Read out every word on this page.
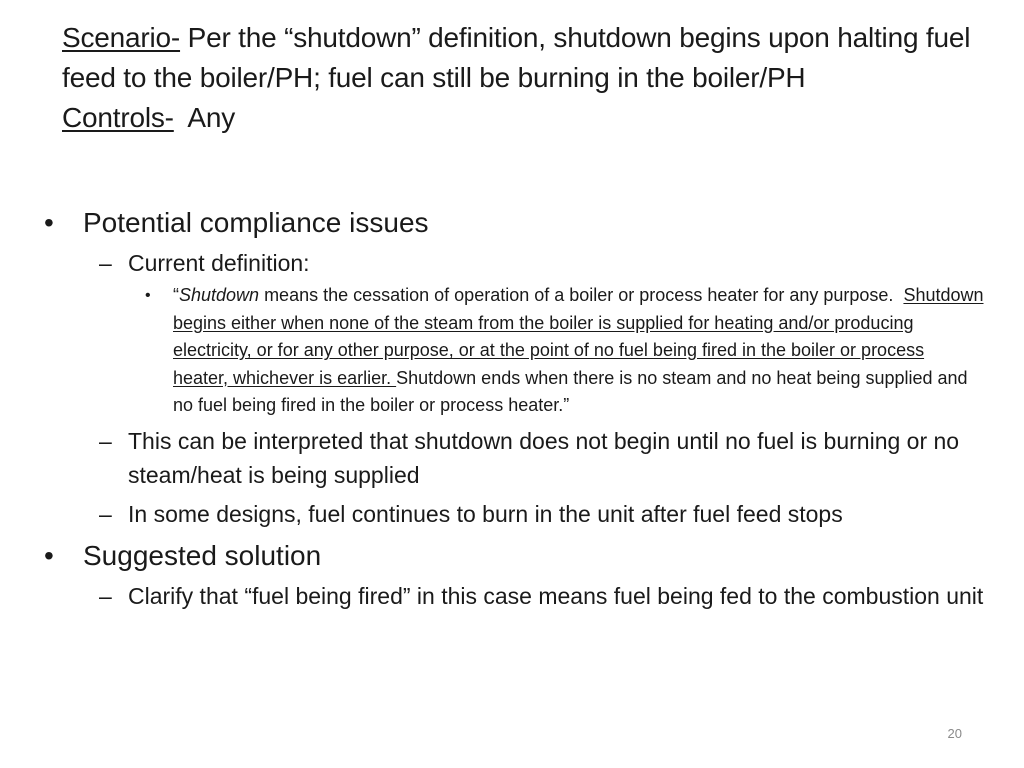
Scenario- Per the “shutdown” definition, shutdown begins upon halting fuel feed to the boiler/PH; fuel can still be burning in the boiler/PH
Controls-  Any
• Potential compliance issues
– Current definition:
• “Shutdown means the cessation of operation of a boiler or process heater for any purpose.  Shutdown begins either when none of the steam from the boiler is supplied for heating and/or producing electricity, or for any other purpose, or at the point of no fuel being fired in the boiler or process heater, whichever is earlier. Shutdown ends when there is no steam and no heat being supplied and no fuel being fired in the boiler or process heater.”
– This can be interpreted that shutdown does not begin until no fuel is burning or no steam/heat is being supplied
– In some designs, fuel continues to burn in the unit after fuel feed stops
• Suggested solution
– Clarify that “fuel being fired” in this case means fuel being fed to the combustion unit
20
